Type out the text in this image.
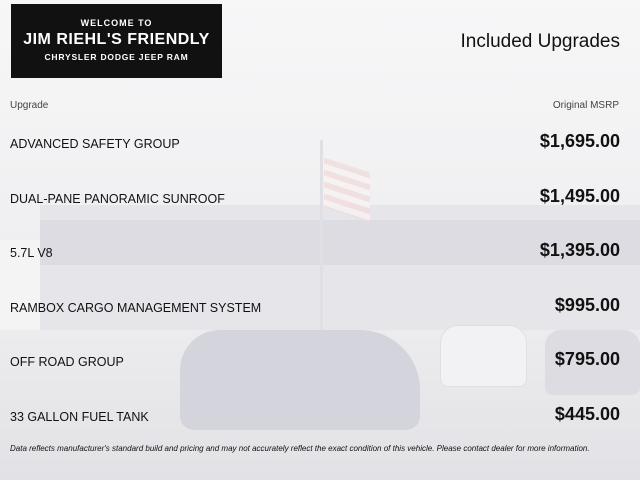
WELCOME TO
JIM RIEHL'S FRIENDLY
CHRYSLER DODGE JEEP RAM
Included Upgrades
Upgrade	Original MSRP
ADVANCED SAFETY GROUP	$1,695.00
DUAL-PANE PANORAMIC SUNROOF	$1,495.00
5.7L V8	$1,395.00
RAMBOX CARGO MANAGEMENT SYSTEM	$995.00
OFF ROAD GROUP	$795.00
33 GALLON FUEL TANK	$445.00
Data reflects manufacturer's standard build and pricing and may not accurately reflect the exact condition of this vehicle. Please contact dealer for more information.
